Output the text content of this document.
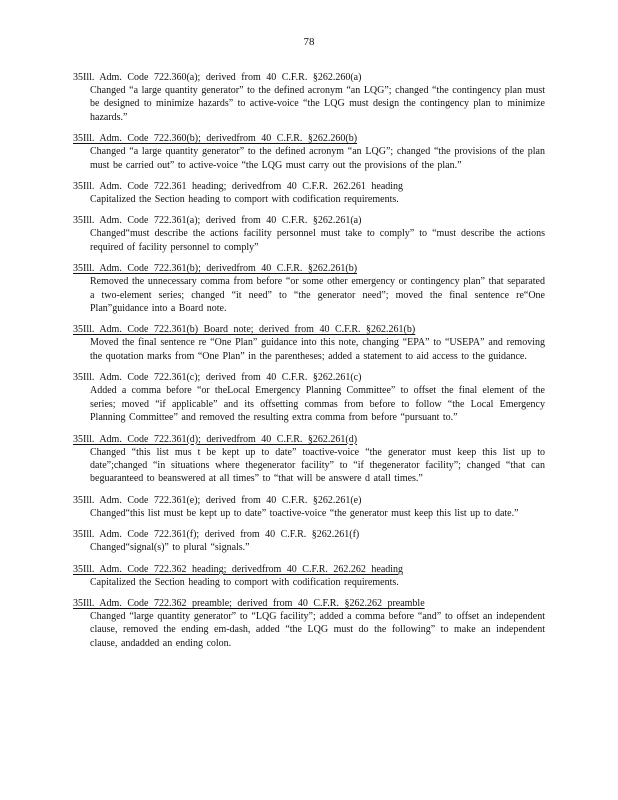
78
35Ill. Adm. Code 722.360(a); derived from 40 C.F.R. §262.260(a)
Changed “a large quantity generator” to the defined acronym “an LQG”; changed “the contingency plan must be designed to minimize hazards” to active-voice “the LQG must design the contingency plan to minimize hazards.”
35Ill. Adm. Code 722.360(b); derivedfrom 40 C.F.R. §262.260(b)
Changed “a large quantity generator” to the defined acronym “an LQG”; changed “the provisions of the plan must be carried out” to active-voice “the LQG must carry out the provisions of the plan.”
35Ill. Adm. Code 722.361 heading; derivedfrom 40 C.F.R. 262.261 heading
Capitalized the Section heading to comport with codification requirements.
35Ill. Adm. Code 722.361(a); derived from 40 C.F.R. §262.261(a)
Changed“must describe the actions facility personnel must take to comply” to “must describe the actions required of facility personnel to comply”
35Ill. Adm. Code 722.361(b); derivedfrom 40 C.F.R. §262.261(b)
Removed the unnecessary comma from before “or some other emergency or contingency plan” that separated a two-element series; changed “it need” to “the generator need”; moved the final sentence re“One Plan”guidance into a Board note.
35Ill. Adm. Code 722.361(b) Board note; derived from 40 C.F.R. §262.261(b)
Moved the final sentence re “One Plan” guidance into this note, changing “EPA” to “USEPA” and removing the quotation marks from “One Plan” in the parentheses; added a statement to aid access to the guidance.
35Ill. Adm. Code 722.361(c); derived from 40 C.F.R. §262.261(c)
Added a comma before “or theLocal Emergency Planning Committee” to offset the final element of the series; moved “if applicable” and its offsetting commas from before to follow “the Local Emergency Planning Committee” and removed the resulting extra comma from before “pursuant to.”
35Ill. Adm. Code 722.361(d); derivedfrom 40 C.F.R. §262.261(d)
Changed “this list mus t be kept up to date” toactive-voice “the generator must keep this list up to date”;changed “in situations where thegenerator facility” to “if thegenerator facility”; changed “that can beguaranteed to beanswered at all times” to “that will be answere d atall times.”
35Ill. Adm. Code 722.361(e); derived from 40 C.F.R. §262.261(e)
Changed“this list must be kept up to date” toactive-voice “the generator must keep this list up to date.”
35Ill. Adm. Code 722.361(f); derived from 40 C.F.R. §262.261(f)
Changed“signal(s)” to plural “signals.”
35Ill. Adm. Code 722.362 heading; derivedfrom 40 C.F.R. 262.262 heading
Capitalized the Section heading to comport with codification requirements.
35Ill. Adm. Code 722.362 preamble; derived from 40 C.F.R. §262.262 preamble
Changed “large quantity generator” to “LQG facility”; added a comma before “and” to offset an independent clause, removed the ending em-dash, added “the LQG must do the following” to make an independent clause, andadded an ending colon.
